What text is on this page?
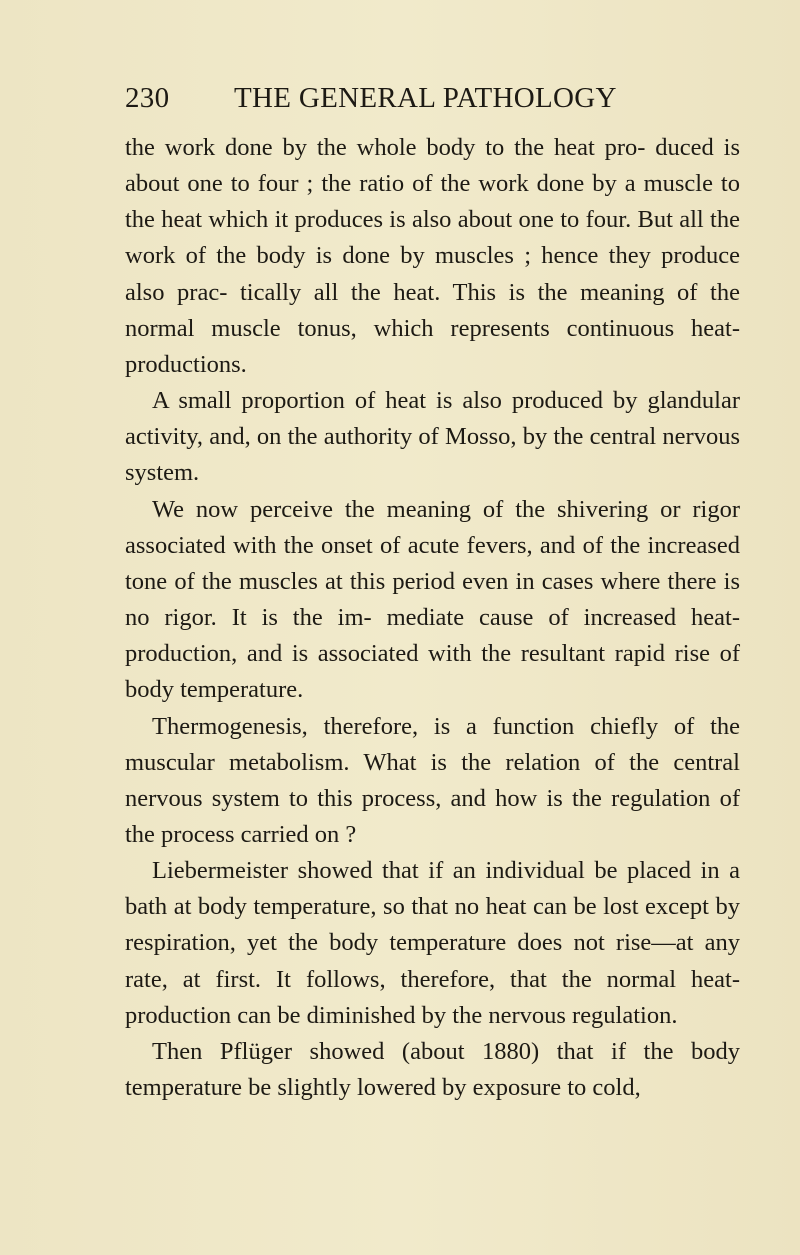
230 THE GENERAL PATHOLOGY

the work done by the whole body to the heat pro- duced is about one to four ; the ratio of the work done by a muscle to the heat which it produces is also about one to four. But all the work of the body is done by muscles ; hence they produce also prac- tically all the heat. This is the meaning of the normal muscle tonus, which represents continuous heat-productions.

A small proportion of heat is also produced by glandular activity, and, on the authority of Mosso, by the central nervous system.

We now perceive the meaning of the shivering or rigor associated with the onset of acute fevers, and of the increased tone of the muscles at this period even in cases where there is no rigor. It is the im- mediate cause of increased heat-production, and is associated with the resultant rapid rise of body temperature.

Thermogenesis, therefore, is a function chiefly of the muscular metabolism. What is the relation of the central nervous system to this process, and how is the regulation of the process carried on ?

Liebermeister showed that if an individual be placed in a bath at body temperature, so that no heat can be lost except by respiration, yet the body temperature does not rise—at any rate, at first. It follows, therefore, that the normal heat-production can be diminished by the nervous regulation.

Then Pflüger showed (about 1880) that if the body temperature be slightly lowered by exposure to cold,
